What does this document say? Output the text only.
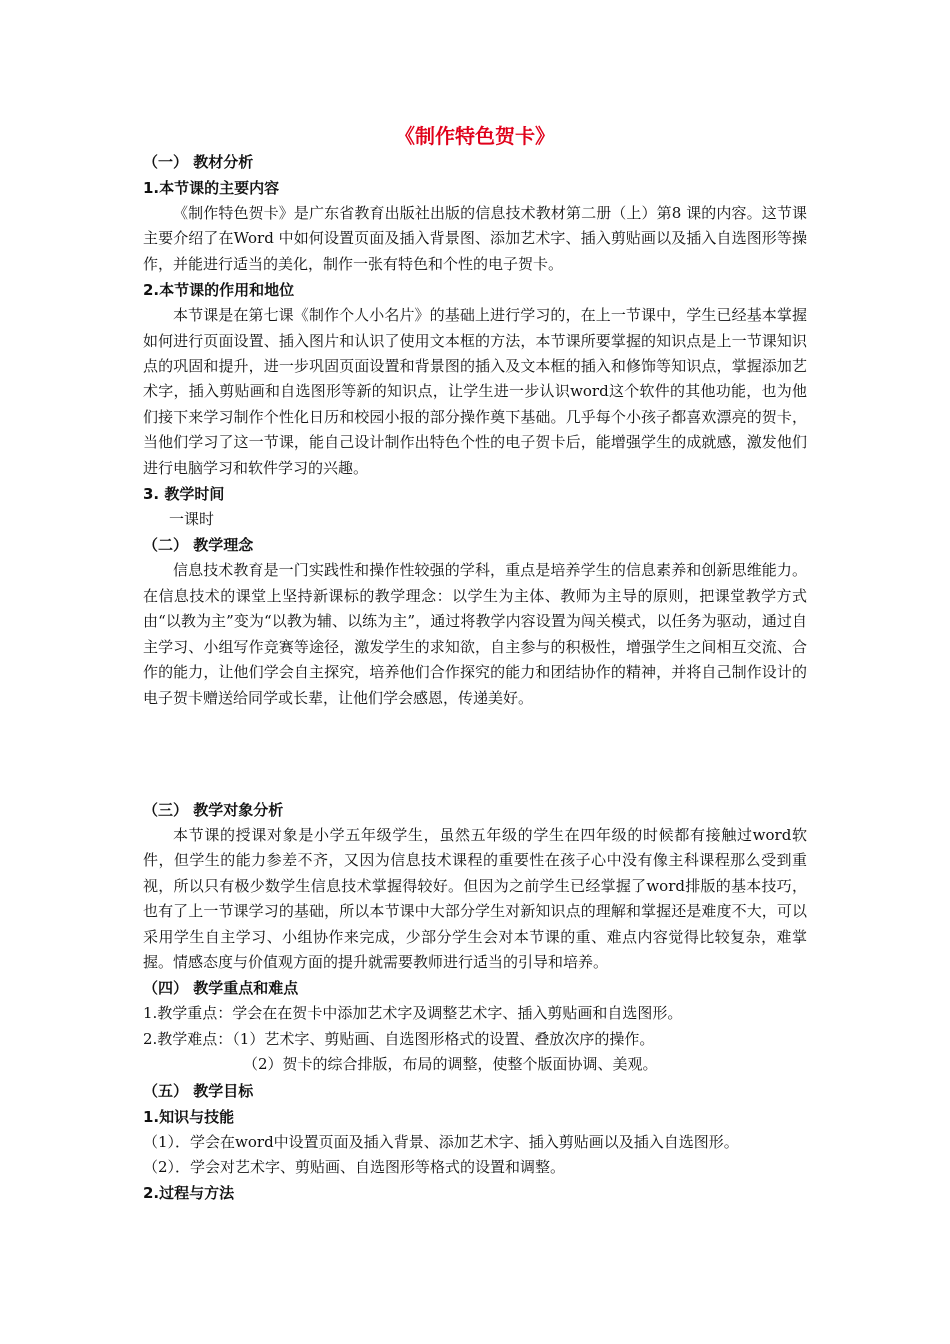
《制作特色贺卡》
（一） 教材分析
1.本节课的主要内容
《制作特色贺卡》是广东省教育出版社出版的信息技术教材第二册（上）第8 课的内容。这节课主要介绍了在Word 中如何设置页面及插入背景图、添加艺术字、插入剪贴画以及插入自选图形等操作，并能进行适当的美化，制作一张有特色和个性的电子贺卡。
2.本节课的作用和地位
本节课是在第七课《制作个人小名片》的基础上进行学习的，在上一节课中，学生已经基本掌握如何进行页面设置、插入图片和认识了使用文本框的方法，本节课所要掌握的知识点是上一节课知识点的巩固和提升，进一步巩固页面设置和背景图的插入及文本框的插入和修饰等知识点，掌握添加艺术字，插入剪贴画和自选图形等新的知识点，让学生进一步认识word这个软件的其他功能，也为他们接下来学习制作个性化日历和校园小报的部分操作奠下基础。几乎每个小孩子都喜欢漂亮的贺卡，当他们学习了这一节课，能自己设计制作出特色个性的电子贺卡后，能增强学生的成就感，激发他们进行电脑学习和软件学习的兴趣。
3. 教学时间
一课时
（二） 教学理念
信息技术教育是一门实践性和操作性较强的学科，重点是培养学生的信息素养和创新思维能力。在信息技术的课堂上坚持新课标的教学理念：以学生为主体、教师为主导的原则，把课堂教学方式由“以教为主”变为“以教为辅、以练为主”，通过将教学内容设置为闯关模式，以任务为驱动，通过自主学习、小组写作竞赛等途径，激发学生的求知欲，自主参与的积极性，增强学生之间相互交流、合作的能力，让他们学会自主探究，培养他们合作探究的能力和团结协作的精神，并将自己制作设计的电子贺卡赠送给同学或长辈，让他们学会感恩，传递美好。
（三） 教学对象分析
本节课的授课对象是小学五年级学生，虽然五年级的学生在四年级的时候都有接触过word软件，但学生的能力参差不齐，又因为信息技术课程的重要性在孩子心中没有像主科课程那么受到重视，所以只有极少数学生信息技术掌握得较好。但因为之前学生已经掌握了word排版的基本技巧，也有了上一节课学习的基础，所以本节课中大部分学生对新知识点的理解和掌握还是难度不大，可以采用学生自主学习、小组协作来完成，少部分学生会对本节课的重、难点内容觉得比较复杂，难掌握。情感态度与价值观方面的提升就需要教师进行适当的引导和培养。
（四） 教学重点和难点
1.教学重点：学会在在贺卡中添加艺术字及调整艺术字、插入剪贴画和自选图形。
2.教学难点：（1）艺术字、剪贴画、自选图形格式的设置、叠放次序的操作。
（2）贺卡的综合排版，布局的调整，使整个版面协调、美观。
（五） 教学目标
1.知识与技能
（1）．学会在word中设置页面及插入背景、添加艺术字、插入剪贴画以及插入自选图形。
（2）．学会对艺术字、剪贴画、自选图形等格式的设置和调整。
2.过程与方法
